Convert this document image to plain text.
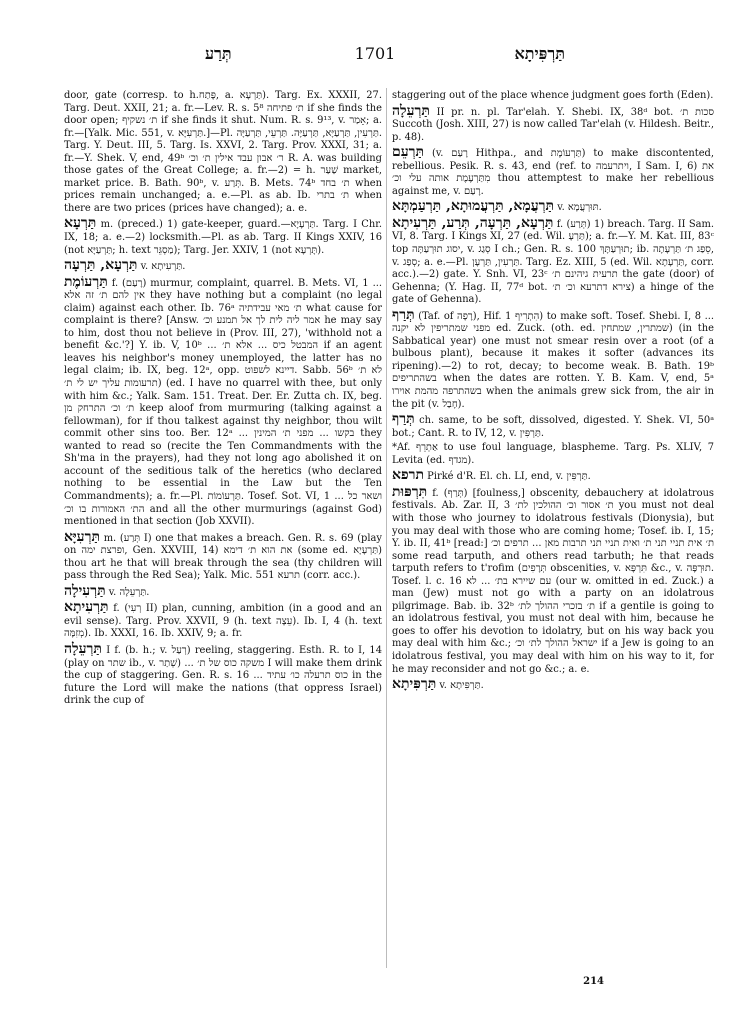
תְּרַע	1701	תַּרְפִּיתָא

door, gate (corresp. to h.פֶּתַח, a. תַּרְעָא). Targ. Ex. XXXII, 27. Targ. Deut. XXII, 21; a. fr.—Lev. R. s. 5⁸ ת׳ פתיחה if she finds the door open; ת׳ נשקיף if she finds it shut. Num. R. s. 9¹³, v. אָמַר; a. fr.—[Yalk. Mic. 551, v. תַּרְעִיָּא.]—Pl. תַּרְעִין, תַּרְעַיָּא, תַּרְעַיָּה. תַּרְעֵי, תַּרְעַיָּה. Targ. Y. Deut. III, 5. Targ. Is. XXVI, 2. Targ. Prov. XXXI, 31; a. fr.—Y. Shek. V, end, 49ᵇ ר׳ אבון עבד אילין ת׳ וכ׳ R. A. was building those gates of the Great College; a. fr.—2) = h. שַׁעַר market, market price. B. Bath. 90ᵇ, v. תְּרַע. B. Mets. 74ᵇ ת׳ בחד when prices remain unchanged; a. e.—Pl. as ab. Ib. ת׳ בתרי when there are two prices (prices have changed); a. e.

תַּרְעָא m. (preced.) 1) gate-keeper, guard.—תַּרְעָיָא. Targ. I Chr. IX, 18; a. e.—2) locksmith.—Pl. as ab. Targ. II Kings XXIV, 16 (not תַּרְעַיָּא; h. text מַסְגֵּר); Targ. Jer. XXIV, 1 (not תָּרְעָא).

תַּרְעָא, תַּרְעָה v. תַּרְעִיתָא.

תַּרְעוֹמֶת f. (רָעַם) murmur, complaint, quarrel. B. Mets. VI, 1 ... אין להם ת׳ זה אלא they have nothing but a complaint (no legal claim) against each other. Ib. 76ᵃ ת׳ מאי עבידתיה what cause for complaint is there? [Answ. אמר ליה לית לך אל תמנע וכ׳ he may say to him, dost thou not believe in (Prov. III, 27), 'withhold not a benefit &c.'?] Y. ib. V, 10ᵇ ... המבטל כיס ... אלא ת׳ if an agent leaves his neighbor's money unemployed, the latter has no legal claim; ib. IX, beg. 12ᵃ, opp. דיינא לשפוט. Sabb. 56ᵇ לא ת׳ (תרעומות עליך יש לי ת׳ (ed. I have no quarrel with thee, but only with him &c.; Yalk. Sam. 151. Treat. Der. Er. Zutta ch. IX, beg. ת׳ וכ׳ התרחק מן keep aloof from murmuring (talking against a fellowman), for if thou talkest against thy neighbor, thou wilt commit other sins too. Ber. 12ᵃ ... בקשו ... מפני ת׳ המינין they wanted to read so (recite the Ten Commandments with the Sh'ma in the prayers), had they not long ago abolished it on account of the seditious talk of the heretics (who declared nothing to be essential in the Law but the Ten Commandments); a. fr.—Pl. תַּרְעוֹמוֹת. Tosef. Sot. VI, 1 ... ושאר כל הת׳ האמורות בו וכ׳ and all the other murmurings (against God) mentioned in that section (Job XXVII).

תַּרְעִיָּא m. (תְּרַע I) one that makes a breach. Gen. R. s. 69 (play on ופרצת ימה, Gen. XXVIII, 14) את הוא ת׳ דימא (some ed. תַּרְעָיָא) thou art he that will break through the sea (thy children will pass through the Red Sea); Yalk. Mic. 551 תרעא (corr. acc.).

תַּרְעִילָה v. תַּרְעֵלָה.

תַּרְעִיתָא f. (רְעִי II) plan, cunning, ambition (in a good and an evil sense). Targ. Prov. XXVII, 9 (h. text עֵצָה). Ib. I, 4 (h. text מְזִמָּה). Ib. XXXI, 16. Ib. XXIV, 9; a. fr.

תַּרְעֵלָה I f. (b. h.; v. רְעַל) reeling, staggering. Esth. R. to I, 14 (play on שתר ib., v. שְׁתַר) ... משקה כוס של ת׳ I will make them drink the cup of staggering. Gen. R. s. 16 ... כוס תרעלה כו׳ עתיד in the future the Lord will make the nations (that oppress Israel) drink the cup of

staggering out of the place whence judgment goes forth (Eden).

תַּרְעֵלָה II pr. n. pl. Tar'elah. Y. Shebi. IX, 38ᵈ bot. סכות ת׳ Succoth (Josh. XIII, 27) is now called Tar'elah (v. Hildesh. Beitr., p. 48).

תַּרְעֵם (v. רָעַם Hithpa., and תַּרְעוֹמֶת) to make discontented, rebellious. Pesik. R. s. 43, end (ref. to ויתרעמה, I Sam. I, 6) את מִתַּרְעֶמֶת אותה עלי וכ׳ thou attemptest to make her rebellious against me, v. רָעַם.

תַּרְעֲמָא, תַּרְעֲמוּתָא, תַּרְעַמְתָּא v. תּוּרְעֲמָא.

תַּרְעָא, תַּרְעָה, תְּרַע, תַּרְעִיתָא f. (תְּרַע) 1) breach. Targ. II Sam. VI, 8. Targ. I Kings XI, 27 (ed. Wil. תַּרְעָ); a. fr.—Y. M. Kat. III, 83ᶜ top יסוג תוּרְעַתָּה, v. סְגַג I ch.; Gen. R. s. 100 תוּרְעַתָּךְ; ib. סֵפַג ת׳ תַּרְעָתָה, v. סְפַג; a. e.—Pl. תַּרְעִין, תַּרְעָן. Targ. Ez. XIII, 5 (ed. Wil. תַּרְעָתָא, corr. acc.).—2) gate. Y. Snh. VI, 23ᶜ תרעית גיהינם ת׳ the gate (door) of Gehenna; (Y. Hag. II, 77ᵈ bot. צירא דתרעא וכ׳ ת׳) a hinge of the gate of Gehenna).

תְּרַף (Taf. of רָפָה), Hif. הִתְרִיף 1) to make soft. Tosef. Shebi. I, 8 ... מפני שמתריפין לא יקנה ed. Zuck. (oth. ed. שמתרין, שמתחין) (in the Sabbatical year) one must not smear resin over a root (of a bulbous plant), because it makes it softer (advances its ripening).—2) to rot, decay; to become weak. B. Bath. 19ᵇ בשהתריפים when the dates are rotten. Y. B. Kam. V, end, 5ᵃ בשהתרפה מהמת אוירו when the animals grew sick from, the air in the pit (v. חָבַל).

תְּרַף ch. same, to be soft, dissolved, digested. Y. Shek. VI, 50ᵃ bot.; Cant. R. to IV, 12, v. תַּרְפִּין.

*Af. אַתְרֵף to use foul language, blaspheme. Targ. Ps. XLIV, 7 Levita (ed. מגדף).

תרפא Pirké d'R. El. ch. LI, end, v. תַּרְפִּין.

תִּרְפּוּת f. (תְּרַף) [foulness,] obscenity, debauchery at idolatrous festivals. Ab. Zar. II, 3 ת׳ אסור וכ׳ ההולכין לת׳ you must not deal with those who journey to idolatrous festivals (Dionysia), but you may deal with those who are coming home; Tosef. ib. I, 15; Y. ib. II, 41ᵇ [read:] ת׳ אית תניי תני ת׳ ואית תניי תני תרבות מאן ... תרפים וכ׳ some read tarputh, and others read tarbuth; he that reads tarputh refers to t'rofim (תְּרָפִים obscenities, v. תִּרְפָּא &c., v. תוּרְפָּה. Tosef. l. c. 16 עם שיירא בת׳ ... לא (our w. omitted in ed. Zuck.) a man (Jew) must not go with a party on an idolatrous pilgrimage. Bab. ib. 32ᵇ ת׳ בזכרי ההולך לת׳ if a gentile is going to an idolatrous festival, you must not deal with him, because he goes to offer his devotion to idolatry, but on his way back you may deal with him &c.; ישראל ההולך לת׳ וכ׳ if a Jew is going to an idolatrous festival, you may deal with him on his way to it, for he may reconsider and not go &c.; a. e.

תַּרְפִּיתָא v. תַּרְפִּיתָא.

214
